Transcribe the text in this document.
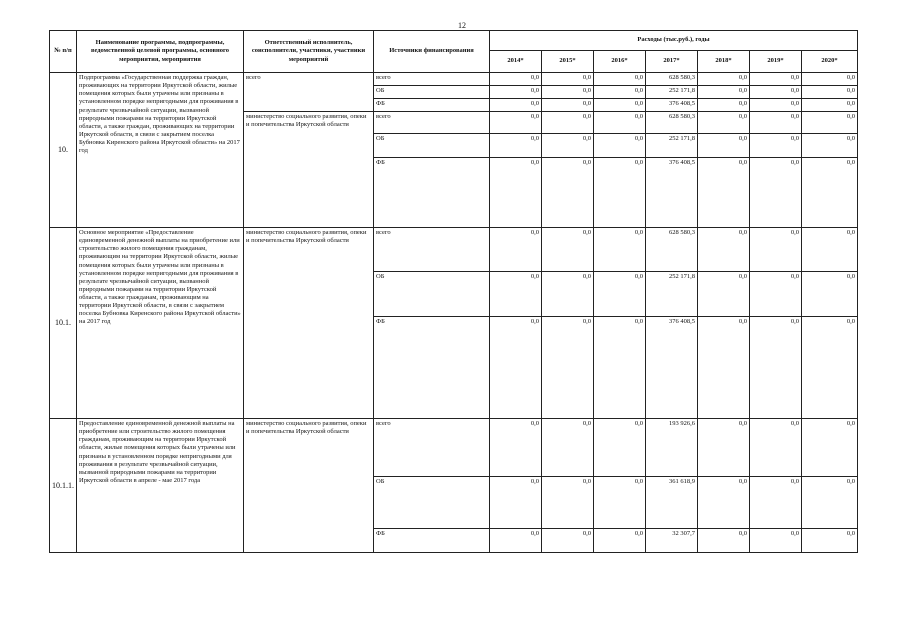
12
№ п/п	Наименование программы, подпрограммы, ведомственной целевой программы, основного мероприятия, мероприятия	Ответственный исполнитель, соисполнители, участники, участники мероприятий	Источники финансирования	Расходы (тыс.руб.), годы						
				2014*	2015*	2016*	2017*	2018*	2019*	2020*
10.	Подпрограмма «Государственная поддержка граждан, проживающих на территории Иркутской области, жилые помещения которых были утрачены или признаны в установленном порядке непригодными для проживания в результате чрезвычайной ситуации, вызванной природными пожарами на территории Иркутской области, а также граждан, проживающих на территории Иркутской области, в связи с закрытием поселка Бубновка Киренского района Иркутской области» на 2017 год	всего	всего	0,0	0,0	0,0	628 580,3	0,0	0,0	0,0
			ОБ	0,0	0,0	0,0	252 171,8	0,0	0,0	0,0
			ФБ	0,0	0,0	0,0	376 408,5	0,0	0,0	0,0
		министерство социального развития, опеки и попечительства Иркутской области	всего	0,0	0,0	0,0	628 580,3	0,0	0,0	0,0
			ОБ	0,0	0,0	0,0	252 171,8	0,0	0,0	0,0
			ФБ	0,0	0,0	0,0	376 408,5	0,0	0,0	0,0
10.1.	Основное мероприятие «Предоставление единовременной денежной выплаты на приобретение или строительство жилого помещения гражданам, проживающим на территории Иркутской области, жилые помещения которых были утрачены или признаны в установленном порядке непригодными для проживания в результате чрезвычайной ситуации, вызванной природными пожарами на территории Иркутской области, а также гражданам, проживающим на территории Иркутской области, в связи с закрытием поселка Бубновка Киренского района Иркутской области» на 2017 год	министерство социального развития, опеки и попечительства Иркутской области	всего	0,0	0,0	0,0	628 580,3	0,0	0,0	0,0
			ОБ	0,0	0,0	0,0	252 171,8	0,0	0,0	0,0
			ФБ	0,0	0,0	0,0	376 408,5	0,0	0,0	0,0
10.1.1.	Предоставление единовременной денежной выплаты на приобретение или строительство жилого помещения гражданам, проживающим на территории Иркутской области, жилые помещения которых были утрачены или признаны в установленном порядке непригодными для проживания в результате чрезвычайной ситуации, вызванной природными пожарами на территории Иркутской области в апреле - мае 2017 года	министерство социального развития, опеки и попечительства Иркутской области	всего	0,0	0,0	0,0	193 926,6	0,0	0,0	0,0
			ОБ	0,0	0,0	0,0	361 618,9	0,0	0,0	0,0
			ФБ	0,0	0,0	0,0	32 307,7	0,0	0,0	0,0
